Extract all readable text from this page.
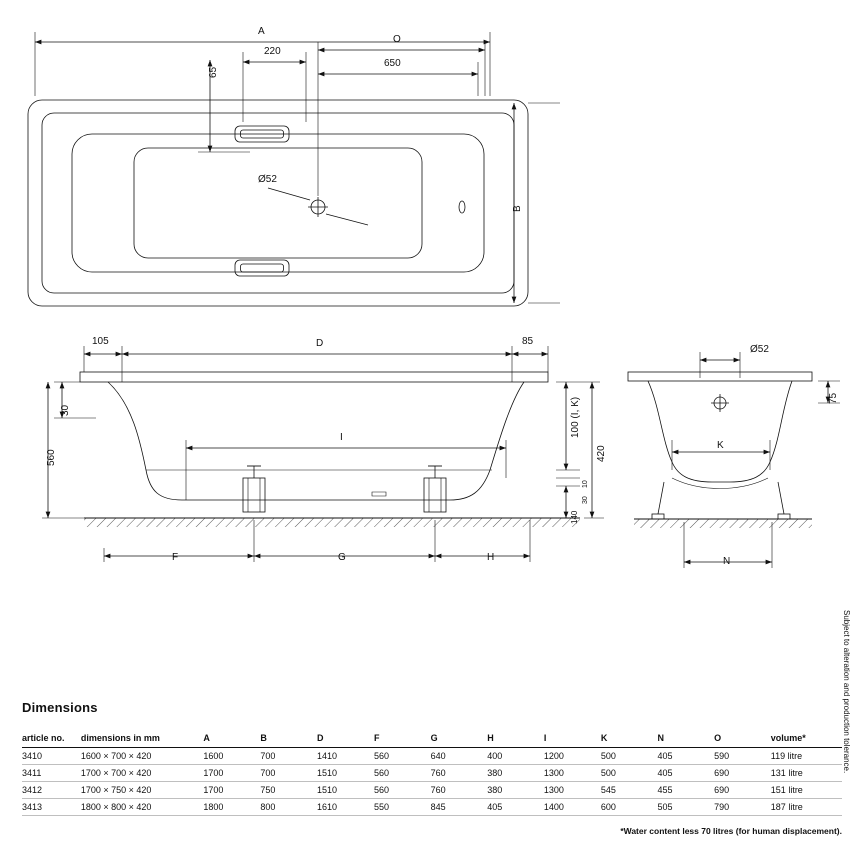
A
220
O
650
65
Ø52
B
105	D	85
30
560
I
F	G	H
100 (I, K)
420
140
30
10
Ø52
75
K
N
Dimensions
article no.	dimensions in mm	A	B	D	F	G	H	I	K	N	O	volume*
3410	1600 × 700 × 420	1600	700	1410	560	640	400	1200	500	405	590	119 litre
3411	1700 × 700 × 420	1700	700	1510	560	760	380	1300	500	405	690	131 litre
3412	1700 × 750 × 420	1700	750	1510	560	760	380	1300	545	455	690	151 litre
3413	1800 × 800 × 420	1800	800	1610	550	845	405	1400	600	505	790	187 litre
*Water content less 70 litres (for human displacement).
Subject to alteration and production tolerance.
